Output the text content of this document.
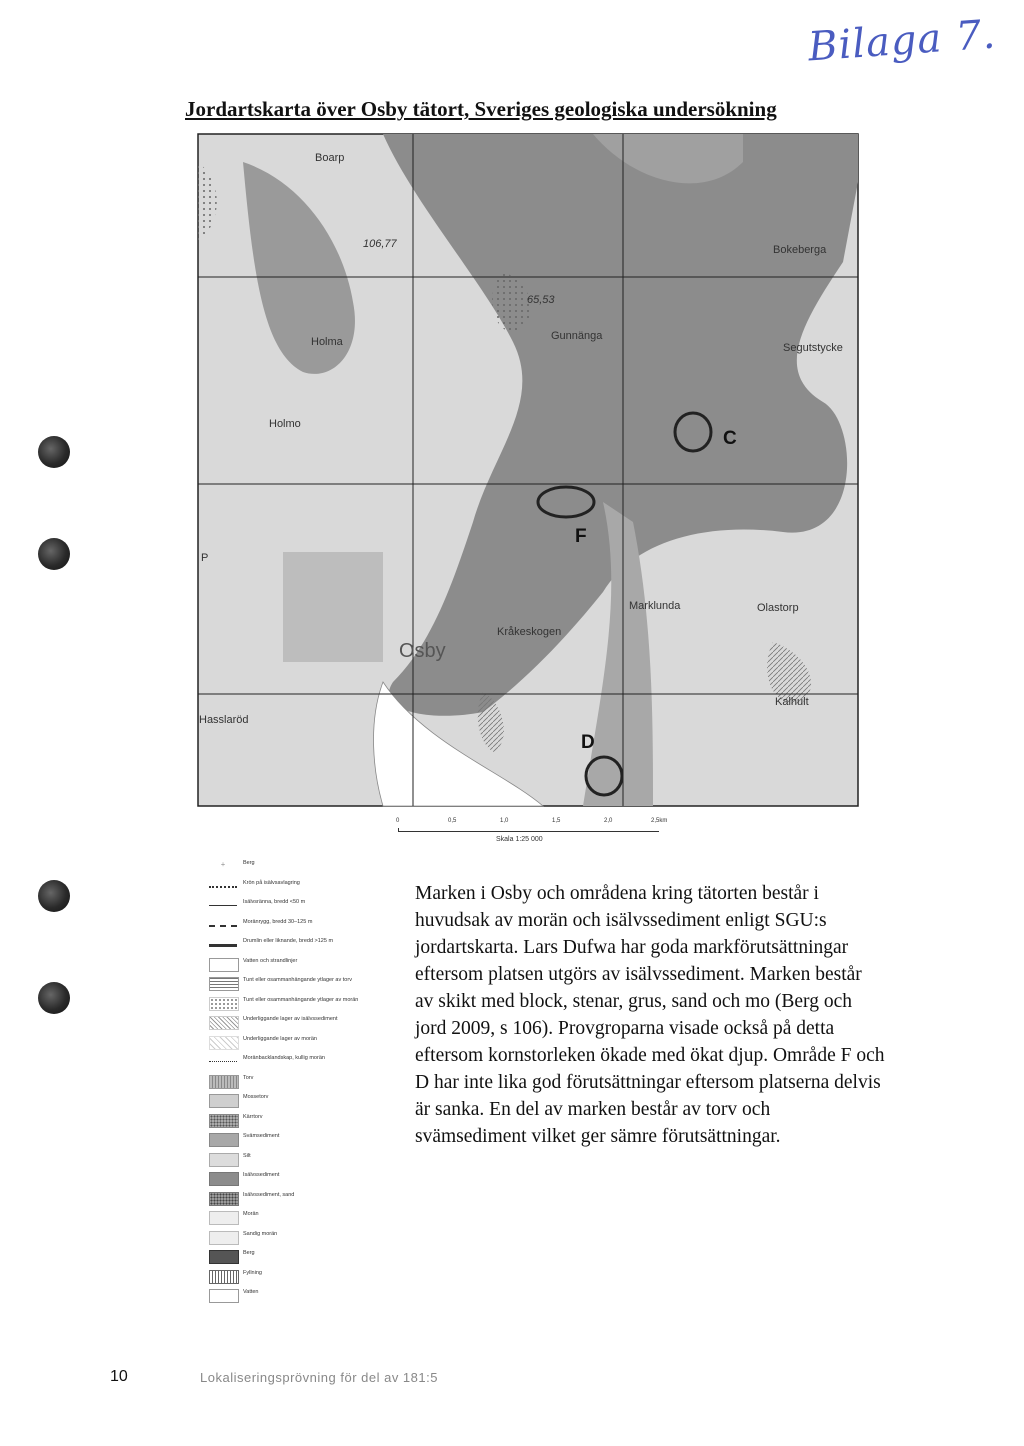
Bilaga 7.
Jordartskarta över Osby tätort, Sveriges geologiska undersökning
Boarp
Bokeberga
106,77
65,53
Gunnänga
Holma	Segutstycke
Holmo
P
Marklunda	Olastorp
Kråkeskogen
Osby
Kalhult
Hasslaröd
C
F
D
0	0,5	1,0	1,5	2,0	2,5km
Skala 1:25 000
+	Berg
Krön på isälvsavlagring
Isälvsränna, bredd <50 m
Moränrygg, bredd 30–125 m
Drumlin eller liknande, bredd >125 m
Vatten och strandlinjer
Tunt eller osammanhängande ytlager av torv
Tunt eller osammanhängande ytlager av morän
Underliggande lager av isälvssediment
Underliggande lager av morän
Moränbacklandskap, kullig morän
Torv
Mossetorv
Kärrtorv
Svämsediment
Silt
Isälvssediment
Isälvssediment, sand
Morän
Sandig morän
Berg
Fyllning
Vatten

Marken i Osby och områdena kring tätorten består i huvudsak av morän och isälvssediment enligt SGU:s jordartskarta. Lars Dufwa har goda markförutsättningar eftersom platsen utgörs av isälvssediment. Marken består av skikt med block, stenar, grus, sand och mo (Berg och jord 2009, s 106). Provgroparna visade också på detta eftersom kornstorleken ökade med ökat djup. Område F och D har inte lika god förutsättningar eftersom platserna delvis är sanka. En del av marken består av torv och svämsediment vilket ger sämre förutsättningar.

10	Lokaliseringsprövning för del av 181:5
